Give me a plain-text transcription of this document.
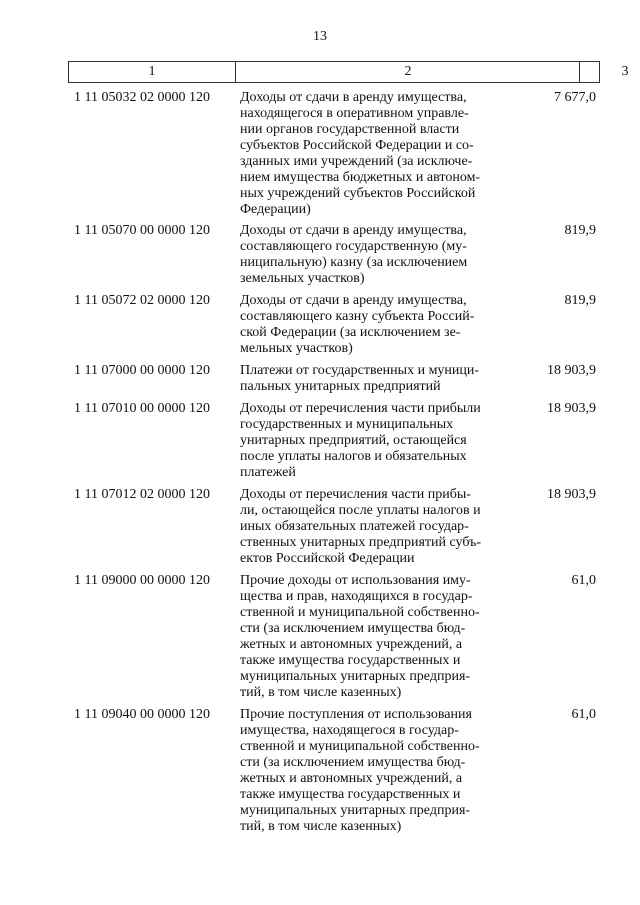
13
1	2	3
1 11 05032 02 0000 120	Доходы от сдачи в аренду имущества,
находящегося в оперативном управле-
нии органов государственной власти
субъектов Российской Федерации и со-
зданных ими учреждений (за исключе-
нием имущества бюджетных и автоном-
ных учреждений субъектов Российской
Федерации)
7 677,0
1 11 05070 00 0000 120	Доходы от сдачи в аренду имущества,
составляющего государственную (му-
ниципальную) казну (за исключением
земельных участков)
819,9
1 11 05072 02 0000 120	Доходы от сдачи в аренду имущества,
составляющего казну субъекта Россий-
ской Федерации (за исключением зе-
мельных участков)
819,9
1 11 07000 00 0000 120	Платежи от государственных и муници-
пальных унитарных предприятий
18 903,9
1 11 07010 00 0000 120	Доходы от перечисления части прибыли
государственных и муниципальных
унитарных предприятий, остающейся
после уплаты налогов и обязательных
платежей
18 903,9
1 11 07012 02 0000 120	Доходы от перечисления части прибы-
ли, остающейся после уплаты налогов и
иных обязательных платежей государ-
ственных унитарных предприятий субъ-
ектов Российской Федерации
18 903,9
1 11 09000 00 0000 120	Прочие доходы от использования иму-
щества и прав, находящихся в государ-
ственной и муниципальной собственно-
сти (за исключением имущества бюд-
жетных и автономных учреждений, а
также имущества государственных и
муниципальных унитарных предприя-
тий, в том числе казенных)
61,0
1 11 09040 00 0000 120	Прочие поступления от использования
имущества, находящегося в государ-
ственной и муниципальной собственно-
сти (за исключением имущества бюд-
жетных и автономных учреждений, а
также имущества государственных и
муниципальных унитарных предприя-
тий, в том числе казенных)
61,0
